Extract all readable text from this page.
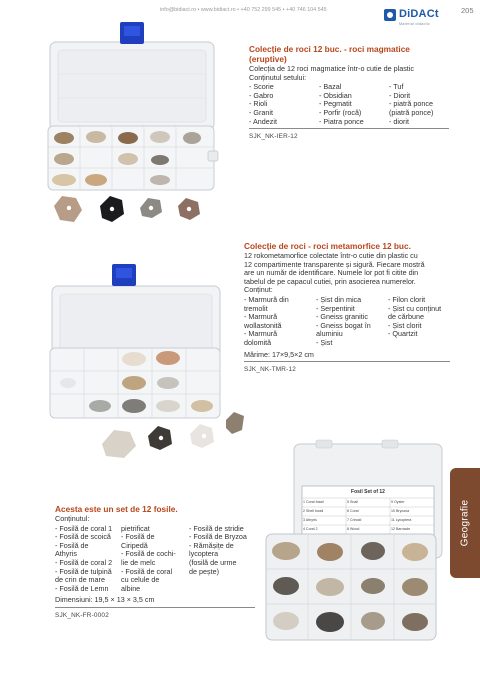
info@bidiact.ro • www.bidiact.ro • +40 752 299 545 • +40 746 104 545	DiDACt
Material didactic
205
Geografie
Colecție de roci 12 buc. - roci magmatice (eruptive)
Colecția de 12 roci magmatice într-o cutie de plastic
Conținutul setului:
- Scorie
- Gabro
- Rioli
- Granit
- Andezit
- Bazal
- Obsidian
- Pegmatit
- Porfir (rocă)
- Piatra ponce
- Tuf
- Diorit
- piatră ponce
(piatră ponce)
- diorit
SJK_NK-IER-12
Colecție de roci - roci metamorfice 12 buc.
12 rokometamorfice colectate într-o cutie din plastic cu
12 compartimente transparente și sigură. Fiecare mostră
are un număr de identificare. Numele lor pot fi citite din
tabelul de pe capacul cutiei, prin asocierea numerelor.
Conținut:
- Marmură din
tremolit
- Marmură
wollastonită
- Marmură
dolomită
- Șist din mica
- Serpentinit
- Gneiss granitic
- Gneiss bogat în
aluminiu
- Șist
- Filon clorit
- Șist cu conținut
de cărbune
- Șist clorit
- Quartzit
Mărime: 17×9,5×2 cm
SJK_NK-TMR-12
Fosil Set of 12
1 Coral fossil	5 Snail	9 Oyster
2 Shell fossil	6 Coral	10 Bryozoa
3 Athyris	7 Crinoid	11 Lycoptera
4 Coral 2	8 Wood	12 Barnacle
Acesta este un set de 12 fosile.
Conținutul:
- Fosilă de coral 1
- Fosilă de scoică
- Fosilă de
Athyris
- Fosilă de coral 2
- Fosilă de tulpină
de crin de mare
- Fosilă de Lemn
pietrificat
- Fosilă de
Ciripedă
- Fosilă de cochi-
lie de melc
- Fosilă de coral
cu celule de
albine
- Fosilă de stridie
- Fosilă de Bryzoa
- Rămășițe de
lycoptera
(fosilă de urme
de pește)
Dimensiuni: 19,5 × 13 × 3,5 cm
SJK_NK-FR-0002
